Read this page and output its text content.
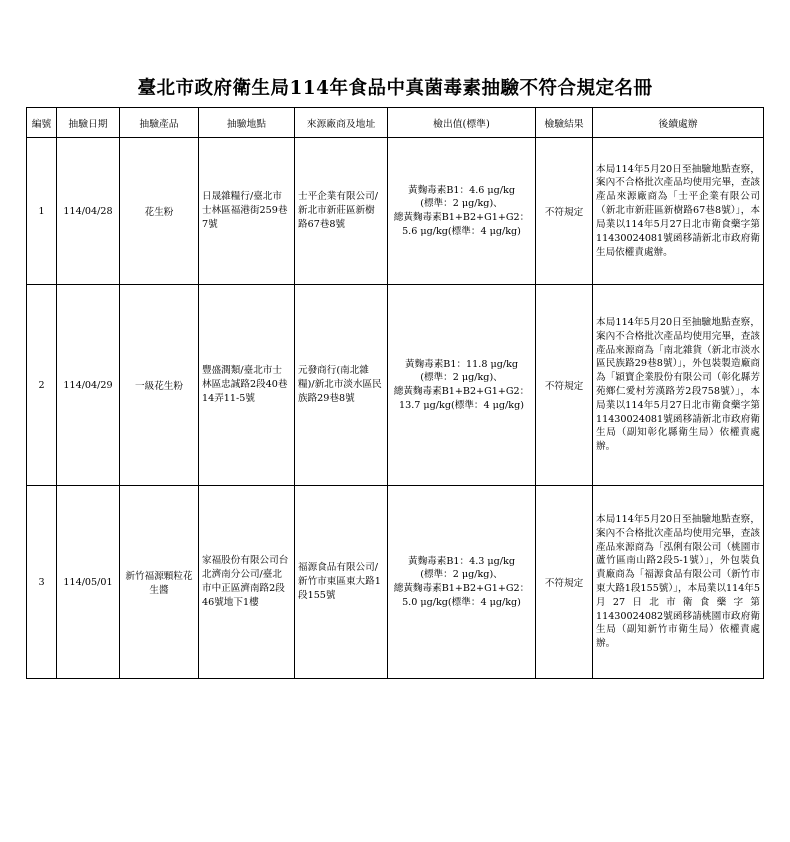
臺北市政府衛生局114年食品中真菌毒素抽驗不符合規定名冊
編號	抽驗日期	抽驗產品	抽驗地點	來源廠商及地址	檢出值(標準)	檢驗結果	後續處辦
1	114/04/28	花生粉	日晟雜糧行/臺北市士林區福港街259巷7號	士平企業有限公司/新北市新莊區新樹路67巷8號	黃麴毒素B1：4.6 μg/kg
(標準：2 μg/kg)、
總黃麴毒素B1+B2+G1+G2：
5.6 μg/kg(標準：4 μg/kg)	不符規定	本局114年5月20日至抽驗地點查察，案內不合格批次產品均使用完畢，查該產品來源廠商為「士平企業有限公司（新北市新莊區新樹路67巷8號）」，本局業以114年5月27日北市衛食藥字第11430024081號函移請新北市政府衛生局依權責處辦。
2	114/04/29	一級花生粉	豐盛潤類/臺北市士林區忠誠路2段40巷14弄11-5號	元發商行(南北雜糧)/新北市淡水區民族路29巷8號	黃麴毒素B1：11.8 μg/kg
(標準：2 μg/kg)、
總黃麴毒素B1+B2+G1+G2：
13.7 μg/kg(標準：4 μg/kg)	不符規定	本局114年5月20日至抽驗地點查察，案內不合格批次產品均使用完畢，查該產品來源商為「南北雜貨（新北市淡水區民族路29巷8號）」，外包裝製造廠商為「穎寶企業股份有限公司（彰化縣芳苑鄉仁愛村芳漢路芳2段758號）」，本局業以114年5月27日北市衛食藥字第11430024081號函移請新北市政府衛生局（副知彰化縣衛生局）依權責處辦。
3	114/05/01	新竹福源顆粒花生醬	家福股份有限公司台北濟南分公司/臺北市中正區濟南路2段46號地下1樓	福源食品有限公司/新竹市東區東大路1段155號	黃麴毒素B1：4.3 μg/kg
(標準：2 μg/kg)、
總黃麴毒素B1+B2+G1+G2：
5.0 μg/kg(標準：4 μg/kg)	不符規定	本局114年5月20日至抽驗地點查察，案內不合格批次產品均使用完畢，查該產品來源商為「泓俐有限公司（桃園市蘆竹區南山路2段5-1號）」，外包裝負責廠商為「福源食品有限公司（新竹市東大路1段155號）」，本局業以114年5月27日北市衛食藥字第11430024082號函移請桃園市政府衛生局（副知新竹市衛生局）依權責處辦。
